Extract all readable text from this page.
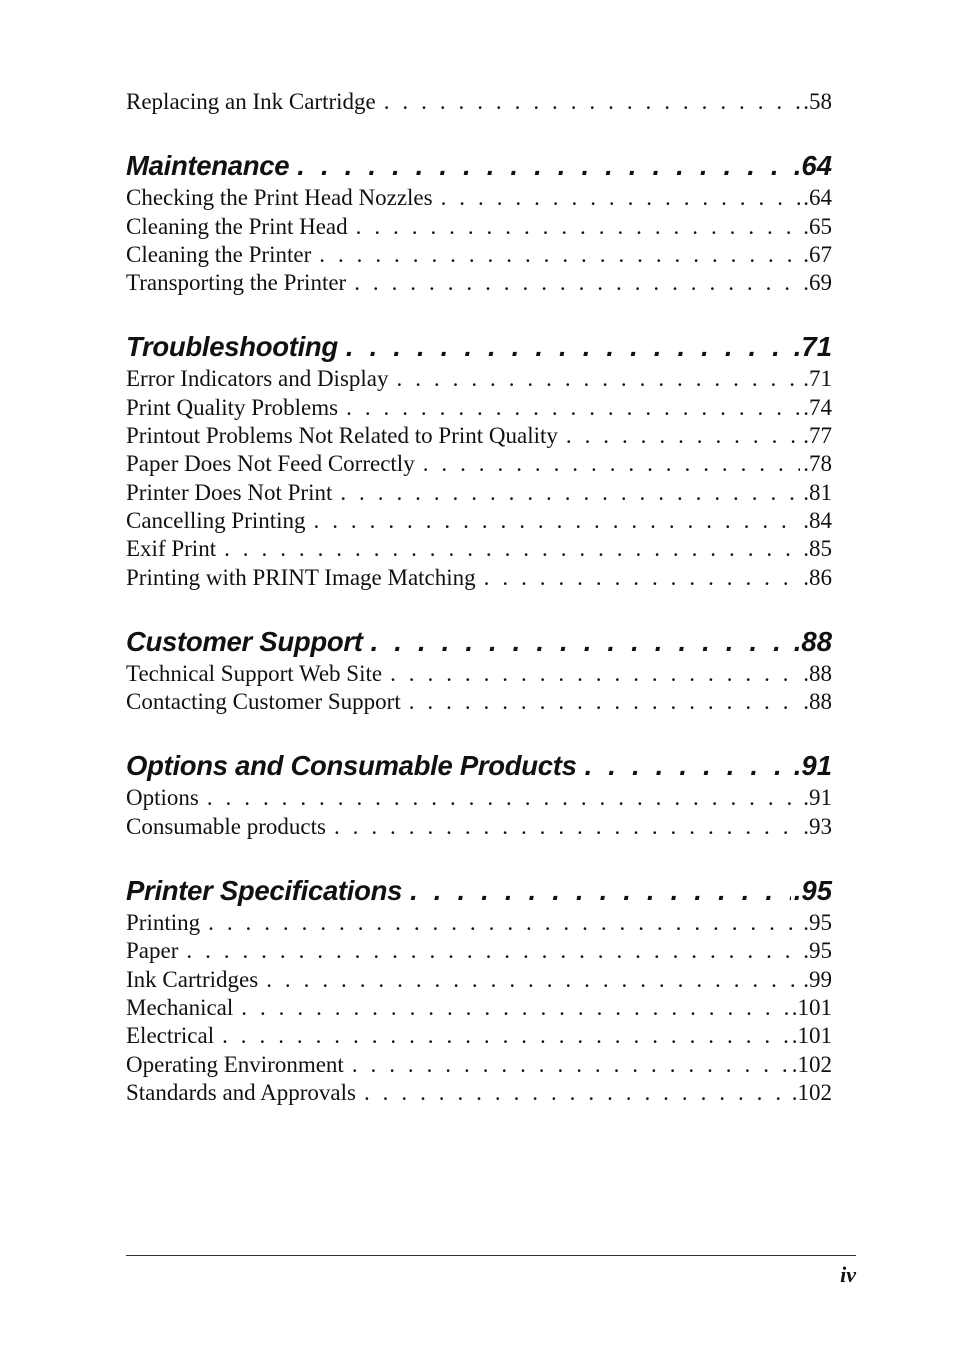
Replacing an Ink Cartridge . . .	.58
Maintenance . . .	.64
Checking the Print Head Nozzles . . .	.64
Cleaning the Print Head . . .	.65
Cleaning the Printer . . .	.67
Transporting the Printer . . .	.69
Troubleshooting . . .	.71
Error Indicators and Display . . .	.71
Print Quality Problems . . .	.74
Printout Problems Not Related to Print Quality . . .	.77
Paper Does Not Feed Correctly . . .	.78
Printer Does Not Print . . .	.81
Cancelling Printing . . .	.84
Exif Print . . .	.85
Printing with PRINT Image Matching . . .	.86
Customer Support . . .	.88
Technical Support Web Site . . .	.88
Contacting Customer Support . . .	.88
Options and Consumable Products . . .	.91
Options . . .	.91
Consumable products . . .	.93
Printer Specifications . . .	.95
Printing . . .	.95
Paper . . .	.95
Ink Cartridges . . .	.99
Mechanical . . .	.101
Electrical . . .	.101
Operating Environment . . .	.102
Standards and Approvals . . .	.102
iv
